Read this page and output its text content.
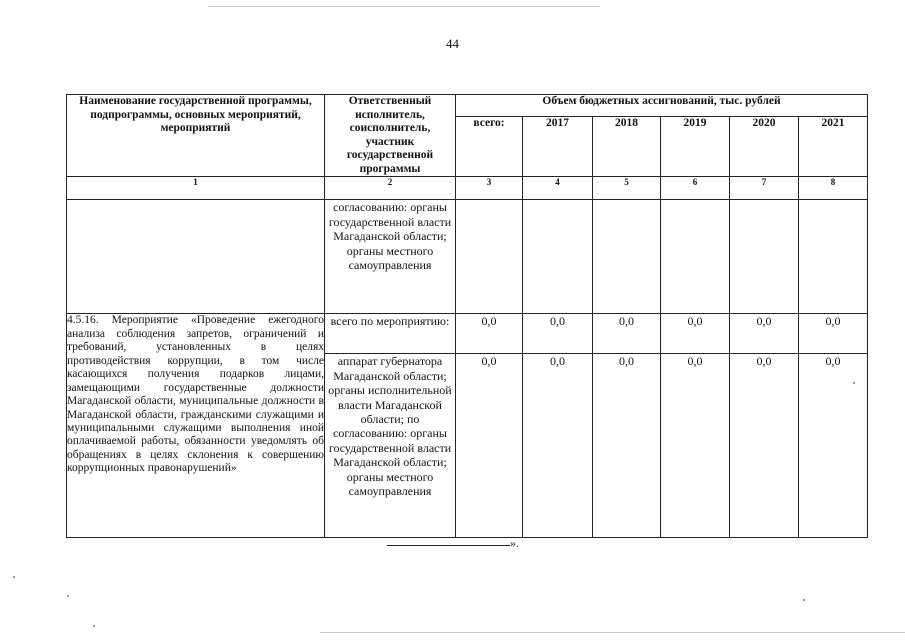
44
Наименование государственной программы, подпрограммы, основных мероприятий, мероприятий	Ответственный исполнитель, соисполнитель, участник государственной программы	Объем бюджетных ассигнований, тыс. рублей					
		всего:	2017	2018	2019	2020	2021
1	2	3	4	5	6	7	8
	согласованию: органы государственной власти Магаданской области; органы местного самоуправления						
4.5.16. Мероприятие «Проведение ежегодного анализа соблюдения запретов, ограничений и требований, установленных в целях противодействия коррупции, в том числе касающихся получения подарков лицами, замещающими государственные должности Магаданской области, муниципальные должности в Магаданской области, гражданскими служащими и муниципальными служащими выполнения иной оплачиваемой работы, обязанности уведомлять об обращениях в целях склонения к совершению коррупционных правонарушений»	всего по мероприятию:	0,0	0,0	0,0	0,0	0,0	0,0
	аппарат губернатора Магаданской области; органы исполнительной власти Магаданской области; по согласованию: органы государственной власти Магаданской области; органы местного самоуправления	0,0	0,0	0,0	0,0	0,0	0,0
».
